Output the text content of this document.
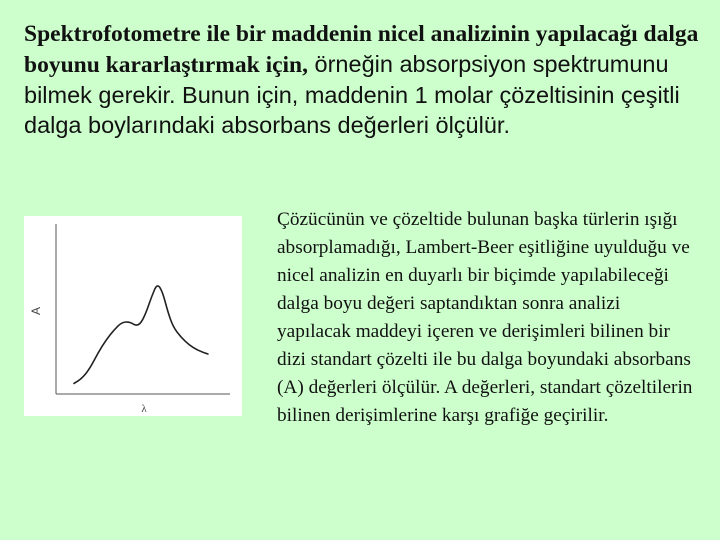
Spektrofotometre ile bir maddenin nicel analizinin yapılacağı dalga boyunu kararlaştırmak için, örneğin absorpsiyon spektrumunu bilmek gerekir. Bunun için, maddenin 1 molar çözeltisinin çeşitli dalga boylarındaki absorbans değerleri ölçülür.
A
λ
Çözücünün ve çözeltide bulunan başka türlerin ışığı absorplamadığı, Lambert-Beer eşitliğine uyulduğu ve nicel analizin en duyarlı bir biçimde yapılabileceği dalga boyu değeri saptandıktan sonra analizi yapılacak maddeyi içeren ve derişimleri bilinen bir dizi standart çözelti ile bu dalga boyundaki absorbans (A) değerleri ölçülür. A değerleri, standart çözeltilerin bilinen derişimlerine karşı grafiğe geçirilir.
